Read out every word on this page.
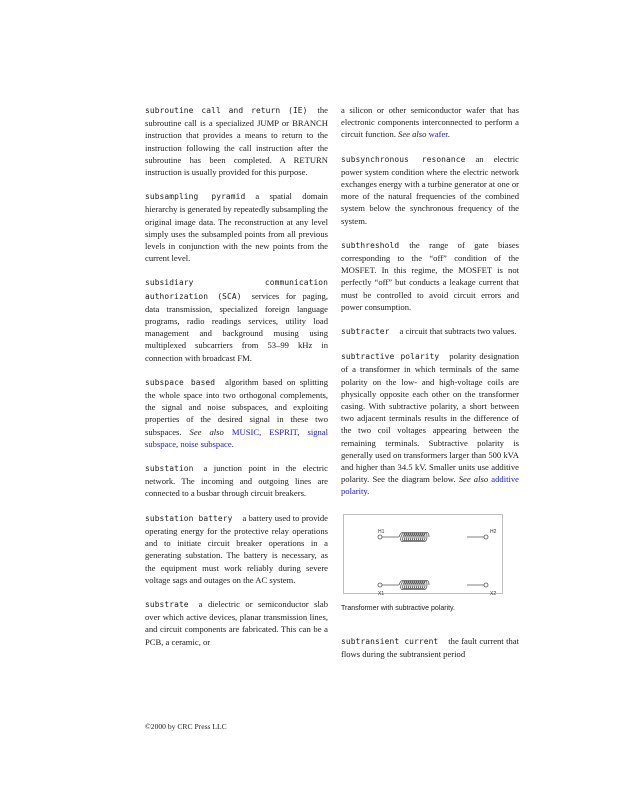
subroutine call and return (IE) the subroutine call is a specialized JUMP or BRANCH instruction that provides a means to return to the instruction following the call instruction after the subroutine has been completed. A RETURN instruction is usually provided for this purpose.
subsampling pyramid a spatial domain hierarchy is generated by repeatedly subsampling the original image data. The reconstruction at any level simply uses the subsampled points from all previous levels in conjunction with the new points from the current level.
subsidiary communication authorization (SCA) services for paging, data transmission, specialized foreign language programs, radio readings services, utility load management and background musing using multiplexed subcarriers from 53–99 kHz in connection with broadcast FM.
subspace based algorithm based on splitting the whole space into two orthogonal complements, the signal and noise subspaces, and exploiting properties of the desired signal in these two subspaces. See also MUSIC, ESPRIT, signal subspace, noise subspace.
substation a junction point in the electric network. The incoming and outgoing lines are connected to a busbar through circuit breakers.
substation battery a battery used to provide operating energy for the protective relay operations and to initiate circuit breaker operations in a generating substation. The battery is necessary, as the equipment must work reliably during severe voltage sags and outages on the AC system.
substrate a dielectric or semiconductor slab over which active devices, planar transmission lines, and circuit components are fabricated. This can be a PCB, a ceramic, or
a silicon or other semiconductor wafer that has electronic components interconnected to perform a circuit function. See also wafer.
subsynchronous resonance an electric power system condition where the electric network exchanges energy with a turbine generator at one or more of the natural frequencies of the combined system below the synchronous frequency of the system.
subthreshold the range of gate biases corresponding to the “off” condition of the MOSFET. In this regime, the MOSFET is not perfectly “off” but conducts a leakage current that must be controlled to avoid circuit errors and power consumption.
subtracter a circuit that subtracts two values.
subtractive polarity polarity designation of a transformer in which terminals of the same polarity on the low- and high-voltage coils are physically opposite each other on the transformer casing. With subtractive polarity, a short between two adjacent terminals results in the difference of the two coil voltages appearing between the remaining terminals. Subtractive polarity is generally used on transformers larger than 500 kVA and higher than 34.5 kV. Smaller units use additive polarity. See the diagram below. See also additive polarity.
H1	H2
X1	X2
Transformer with subtractive polarity.
subtransient current the fault current that flows during the subtransient period
©2000 by CRC Press LLC
